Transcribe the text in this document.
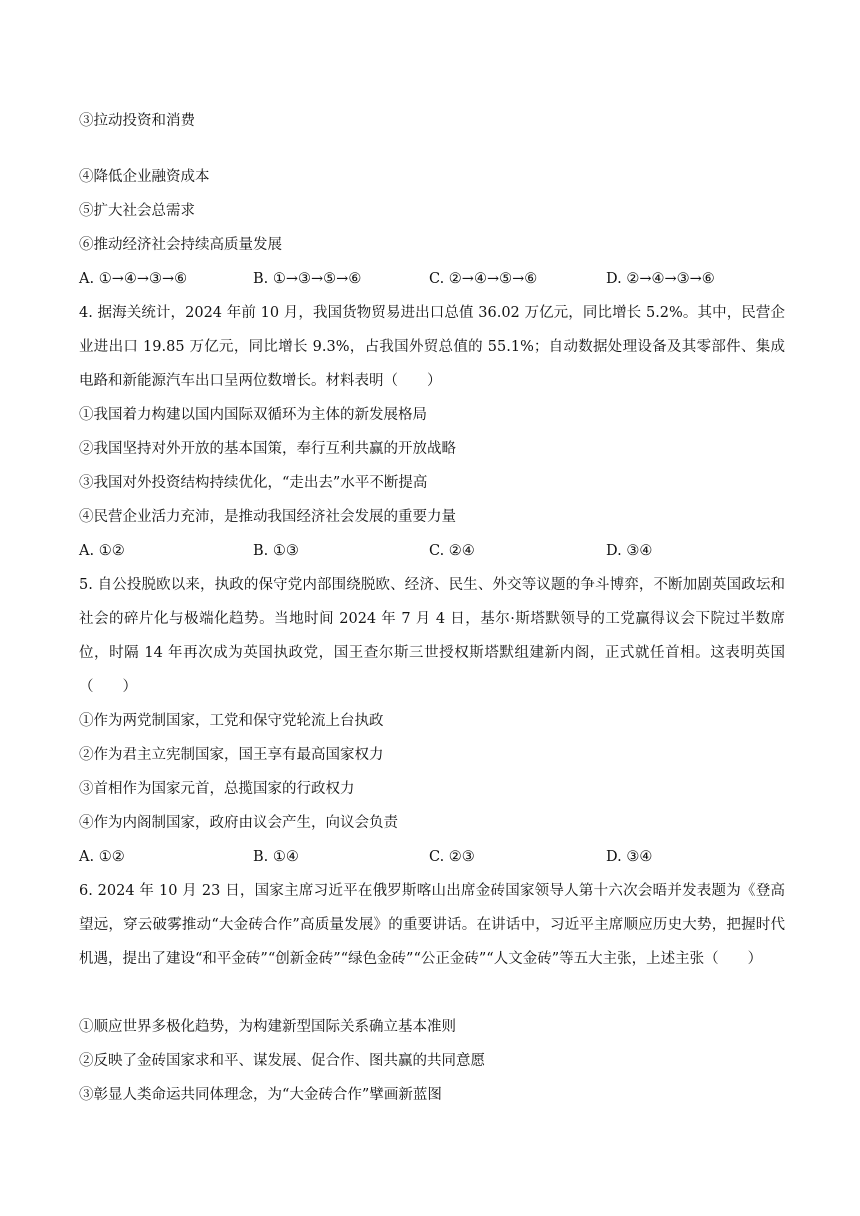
③拉动投资和消费
④降低企业融资成本
⑤扩大社会总需求
⑥推动经济社会持续高质量发展
A. ①→④→③→⑥	B. ①→③→⑤→⑥	C. ②→④→⑤→⑥	D. ②→④→③→⑥
4. 据海关统计，2024 年前 10 月，我国货物贸易进出口总值 36.02 万亿元，同比增长 5.2%。其中，民营企业进出口 19.85 万亿元，同比增长 9.3%，占我国外贸总值的 55.1%；自动数据处理设备及其零部件、集成电路和新能源汽车出口呈两位数增长。材料表明（　　）
①我国着力构建以国内国际双循环为主体的新发展格局
②我国坚持对外开放的基本国策，奉行互利共赢的开放战略
③我国对外投资结构持续优化，“走出去”水平不断提高
④民营企业活力充沛，是推动我国经济社会发展的重要力量
A. ①②	B. ①③	C. ②④	D. ③④
5. 自公投脱欧以来，执政的保守党内部围绕脱欧、经济、民生、外交等议题的争斗博弈，不断加剧英国政坛和社会的碎片化与极端化趋势。当地时间 2024 年 7 月 4 日，基尔·斯塔默领导的工党赢得议会下院过半数席位，时隔 14 年再次成为英国执政党，国王查尔斯三世授权斯塔默组建新内阁，正式就任首相。这表明英国（　　）
①作为两党制国家，工党和保守党轮流上台执政
②作为君主立宪制国家，国王享有最高国家权力
③首相作为国家元首，总揽国家的行政权力
④作为内阁制国家，政府由议会产生，向议会负责
A. ①②	B. ①④	C. ②③	D. ③④
6. 2024 年 10 月 23 日，国家主席习近平在俄罗斯喀山出席金砖国家领导人第十六次会晤并发表题为《登高望远，穿云破雾推动“大金砖合作”高质量发展》的重要讲话。在讲话中，习近平主席顺应历史大势，把握时代机遇，提出了建设“和平金砖”“创新金砖”“绿色金砖”“公正金砖”“人文金砖”等五大主张，上述主张（　　）
①顺应世界多极化趋势，为构建新型国际关系确立基本准则
②反映了金砖国家求和平、谋发展、促合作、图共赢的共同意愿
③彰显人类命运共同体理念，为“大金砖合作”擘画新蓝图
